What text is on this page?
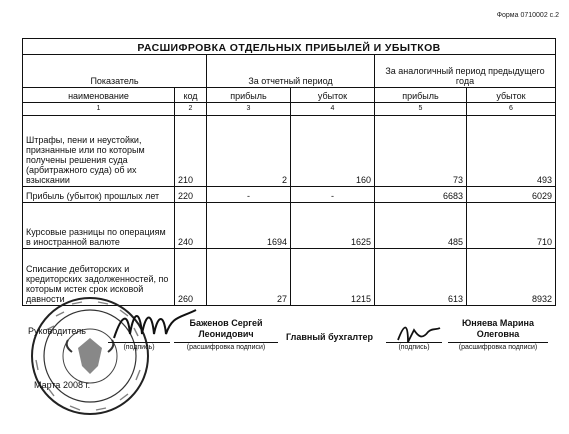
Форма 0710002 с.2
РАСШИФРОВКА ОТДЕЛЬНЫХ ПРИБЫЛЕЙ И УБЫТКОВ					
Показатель		За отчетный период		За аналогичный период предыдущего года	
наименование	код	прибыль	убыток	прибыль	убыток
1	2	3	4	5	6
Штрафы, пени и неустойки, признанные или по которым получены решения суда (арбитражного суда) об их взыскании	210	2	160	73	493
Прибыль (убыток) прошлых лет	220	-	-	6683	6029
Курсовые разницы по операциям в иностранной валюте	240	1694	1625	485	710
Списание дебиторских и кредиторских задолженностей, по которым истек срок исковой давности	260	27	1215	613	8932
Руководитель
(подпись)
Баженов Сергей
Леонидович
(расшифровка подписи)
Главный бухгалтер
(подпись)
Юняева Марина
Олеговна
(расшифровка подписи)
Марта 2008 г.
